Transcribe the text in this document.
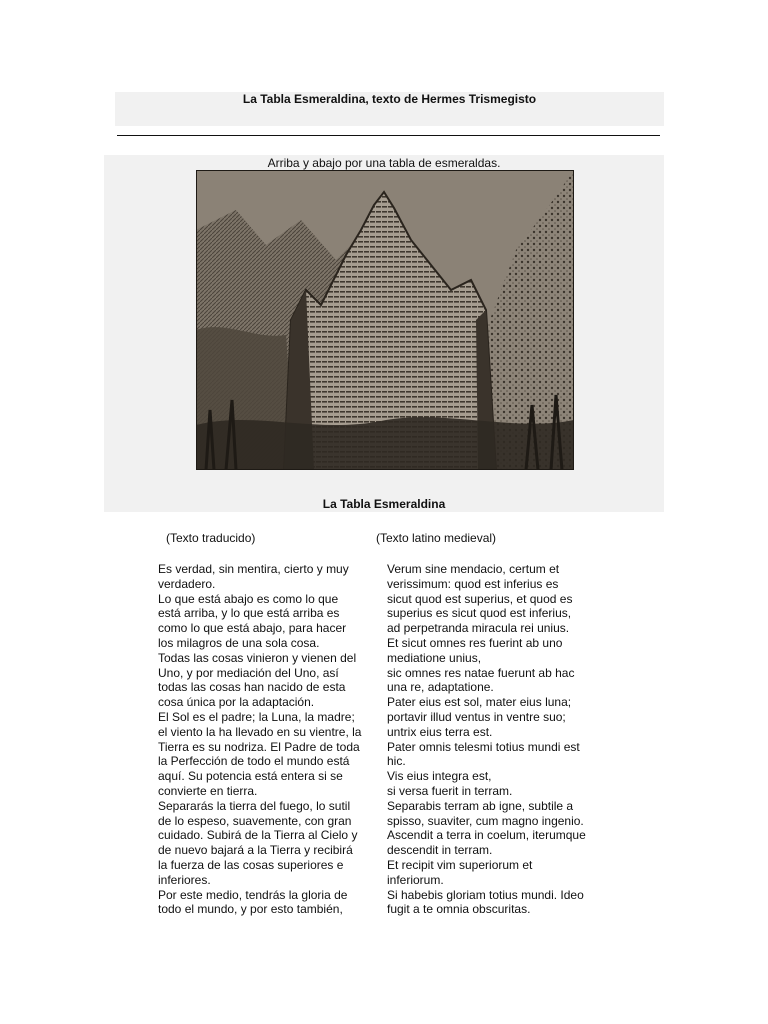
La Tabla Esmeraldina, texto de Hermes Trismegisto
Arriba y abajo por una tabla de esmeraldas.
La Tabla Esmeraldina
(Texto traducido)	(Texto latino medieval)
Es verdad, sin mentira, cierto y muy
verdadero.
Lo que está abajo es como lo que
está arriba, y lo que está arriba es
como lo que está abajo, para hacer
los milagros de una sola cosa.
Todas las cosas vinieron y vienen del
Uno, y por mediación del Uno, así
todas las cosas han nacido de esta
cosa única por la adaptación.
El Sol es el padre; la Luna, la madre;
el viento la ha llevado en su vientre, la
Tierra es su nodriza. El Padre de toda
la Perfección de todo el mundo está
aquí. Su potencia está entera si se
convierte en tierra.
Separarás la tierra del fuego, lo sutil
de lo espeso, suavemente, con gran
cuidado. Subirá de la Tierra al Cielo y
de nuevo bajará a la Tierra y recibirá
la fuerza de las cosas superiores e
inferiores.
Por este medio, tendrás la gloria de
todo el mundo, y por esto también,
Verum sine mendacio, certum et
verissimum: quod est inferius es
sicut quod est superius, et quod es
superius es sicut quod est inferius,
ad perpetranda miracula rei unius.
Et sicut omnes res fuerint ab uno
mediatione unius,
sic omnes res natae fuerunt ab hac
una re, adaptatione.
Pater eius est sol, mater eius luna;
portavir illud ventus in ventre suo;
untrix eius terra est.
Pater omnis telesmi totius mundi est
hic.
Vis eius integra est,
si versa fuerit in terram.
Separabis terram ab igne, subtile a
spisso, suaviter, cum magno ingenio.
Ascendit a terra in coelum, iterumque
descendit in terram.
Et recipit vim superiorum et
inferiorum.
Si habebis gloriam totius mundi. Ideo
fugit a te omnia obscuritas.
